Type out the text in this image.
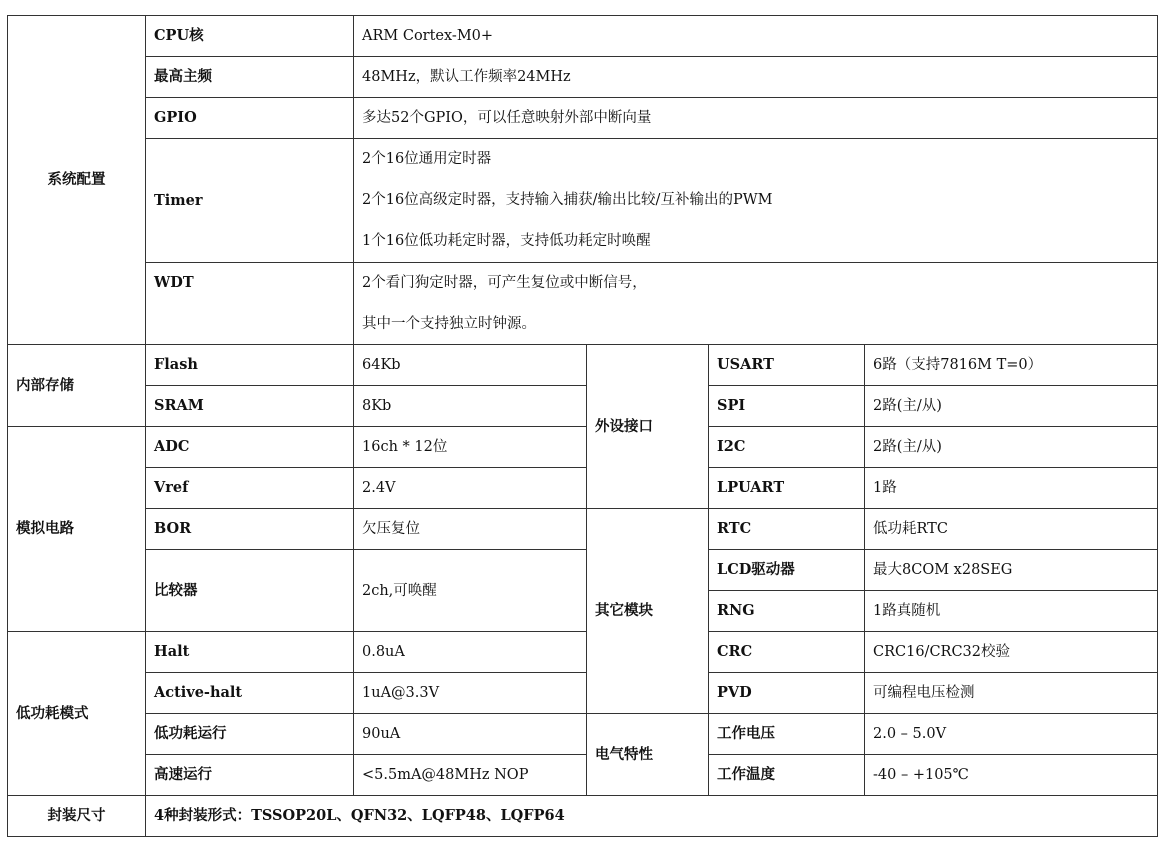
系统配置	CPU核	ARM Cortex-M0+			
	最高主频	48MHz，默认工作频率24MHz			
	GPIO	多达52个GPIO，可以任意映射外部中断向量			
	Timer	2个16位通用定时器
2个16位高级定时器，支持输入捕获/输出比较/互补输出的PWM
1个16位低功耗定时器，支持低功耗定时唤醒			

	WDT	2个看门狗定时器，可产生复位或中断信号，			
		其中一个支持独立时钟源。			
内部存储	Flash	64Kb	外设接口	USART	6路（支持7816M T=0）
	SRAM	8Kb		SPI	2路(主/从)
模拟电路	ADC	16ch * 12位		I2C	2路(主/从)
	Vref	2.4V		LPUART	1路
	BOR	欠压复位	其它模块	RTC	低功耗RTC
	比较器	2ch,可唤醒		LCD驱动器	最大8COM x28SEG
				RNG	1路真随机
低功耗模式	Halt	0.8uA		CRC	CRC16/CRC32校验
	Active-halt	1uA@3.3V		PVD	可编程电压检测
	低功耗运行	90uA	电气特性	工作电压	2.0 – 5.0V
	高速运行	<5.5mA@48MHz NOP		工作温度	-40 – +105℃
封装尺寸	4种封装形式：TSSOP20L、QFN32、LQFP48、LQFP64				
